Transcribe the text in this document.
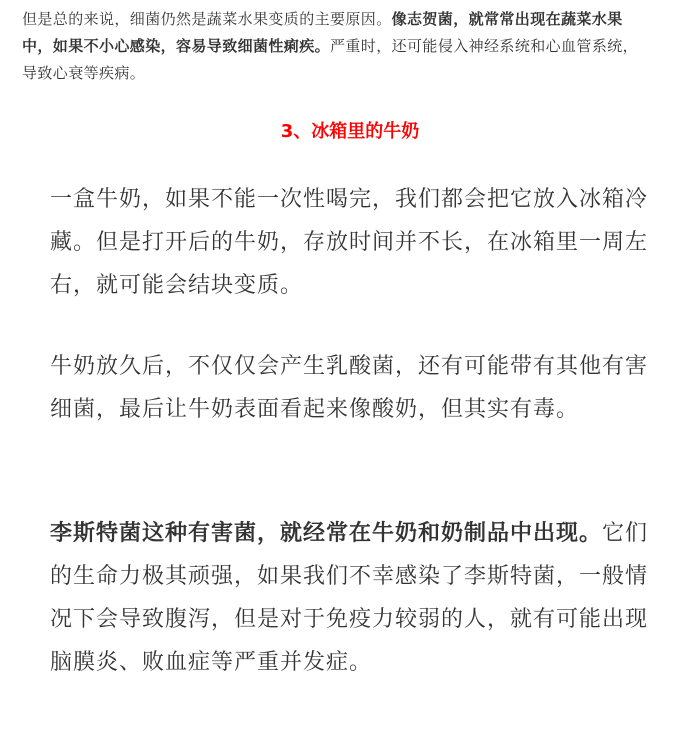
但是总的来说，细菌仍然是蔬菜水果变质的主要原因。像志贺菌，就常常出现在蔬菜水果中，如果不小心感染，容易导致细菌性痢疾。严重时，还可能侵入神经系统和心血管系统，导致心衰等疾病。

3、冰箱里的牛奶

一盒牛奶，如果不能一次性喝完，我们都会把它放入冰箱冷藏。但是打开后的牛奶，存放时间并不长，在冰箱里一周左右，就可能会结块变质。

牛奶放久后，不仅仅会产生乳酸菌，还有可能带有其他有害细菌，最后让牛奶表面看起来像酸奶，但其实有毒。

李斯特菌这种有害菌，就经常在牛奶和奶制品中出现。它们的生命力极其顽强，如果我们不幸感染了李斯特菌，一般情况下会导致腹泻，但是对于免疫力较弱的人，就有可能出现脑膜炎、败血症等严重并发症。
